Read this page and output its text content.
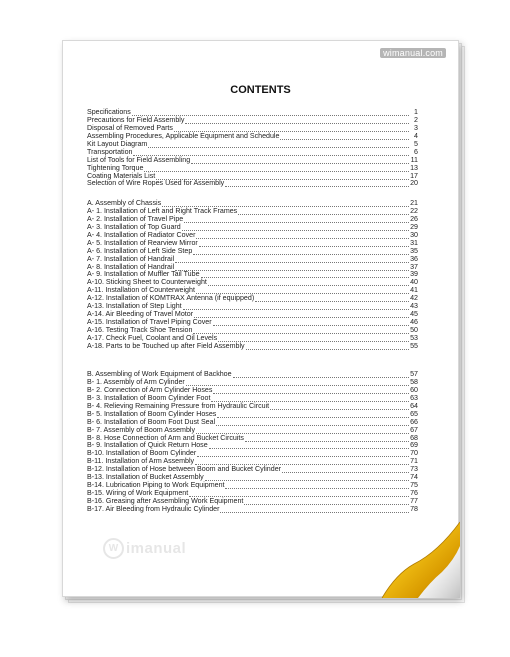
wimanual.com
CONTENTS
Specifications	1
Precautions for Field Assembly	2
Disposal of Removed Parts	3
Assembling Procedures, Applicable Equipment and Schedule	4
Kit Layout Diagram	5
Transportation	6
List of Tools for Field Assembling	11
Tightening Torque	13
Coating Materials List	17
Selection of Wire Ropes Used for Assembly	20
A. Assembly of Chassis	21
A- 1. Installation of Left and Right Track Frames	22
A- 2. Installation of Travel Pipe	26
A- 3. Installation of Top Guard	29
A- 4. Installation of Radiator Cover	30
A- 5. Installation of Rearview Mirror	31
A- 6. Installation of Left Side Step	35
A- 7. Installation of Handrail	36
A- 8. Installation of Handrail	37
A- 9. Installation of Muffler Tail Tube	39
A-10. Sticking Sheet to Counterweight	40
A-11. Installation of Counterweight	41
A-12. Installation of KOMTRAX Antenna (if equipped)	42
A-13. Installation of Step Light	43
A-14. Air Bleeding of Travel Motor	45
A-15. Installation of Travel Piping Cover	46
A-16. Testing Track Shoe Tension	50
A-17. Check Fuel, Coolant and Oil Levels	53
A-18. Parts to be Touched up after Field Assembly	55
B. Assembling of Work Equipment of Backhoe	57
B- 1. Assembly of Arm Cylinder	58
B- 2. Connection of Arm Cylinder Hoses	60
B- 3. Installation of Boom Cylinder Foot	63
B- 4. Relieving Remaining Pressure from Hydraulic Circuit	64
B- 5. Installation of Boom Cylinder Hoses	65
B- 6. Installation of Boom Foot Dust Seal	66
B- 7. Assembly of Boom Assembly	67
B- 8. Hose Connection of Arm and Bucket Circuits	68
B- 9. Installation of Quick Return Hose	69
B-10. Installation of Boom Cylinder	70
B-11. Installation of Arm Assembly	71
B-12. Installation of Hose between Boom and Bucket Cylinder	73
B-13. Installation of Bucket Assembly	74
B-14. Lubrication Piping to Work Equipment	75
B-15. Wiring of Work Equipment	76
B-16. Greasing after Assembling Work Equipment	77
B-17. Air Bleeding from Hydraulic Cylinder	78
W imanual
